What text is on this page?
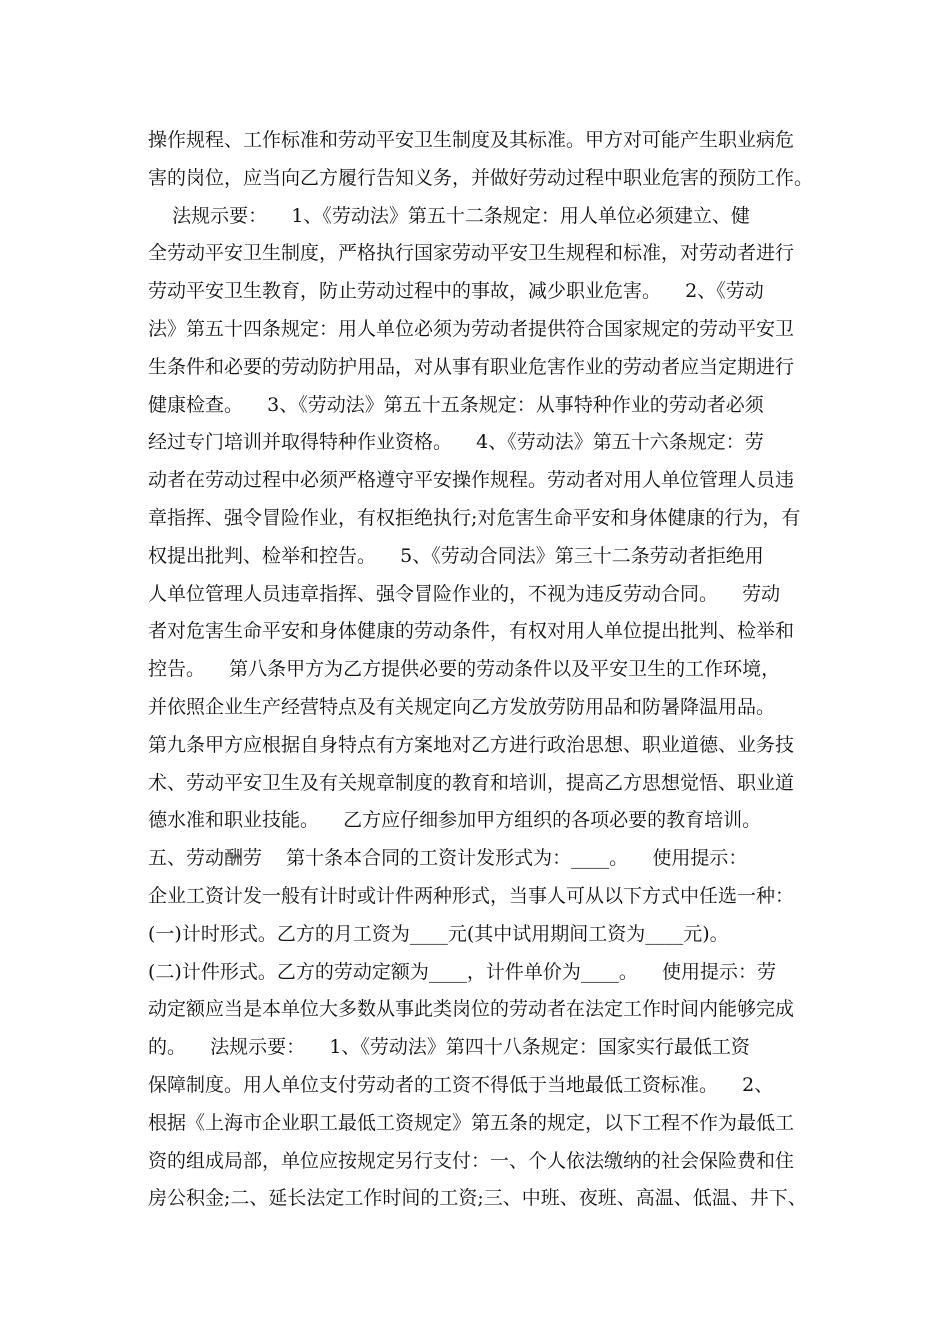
操作规程、工作标准和劳动平安卫生制度及其标准。甲方对可能产生职业病危
害的岗位，应当向乙方履行告知义务，并做好劳动过程中职业危害的预防工作。
法规示要：    1、《劳动法》第五十二条规定：用人单位必须建立、健
全劳动平安卫生制度，严格执行国家劳动平安卫生规程和标准，对劳动者进行
劳动平安卫生教育，防止劳动过程中的事故，减少职业危害。    2、《劳动
法》第五十四条规定：用人单位必须为劳动者提供符合国家规定的劳动平安卫
生条件和必要的劳动防护用品，对从事有职业危害作业的劳动者应当定期进行
健康检查。    3、《劳动法》第五十五条规定：从事特种作业的劳动者必须
经过专门培训并取得特种作业资格。    4、《劳动法》第五十六条规定：劳
动者在劳动过程中必须严格遵守平安操作规程。劳动者对用人单位管理人员违
章指挥、强令冒险作业，有权拒绝执行;对危害生命平安和身体健康的行为，有
权提出批判、检举和控告。    5、《劳动合同法》第三十二条劳动者拒绝用
人单位管理人员违章指挥、强令冒险作业的，不视为违反劳动合同。    劳动
者对危害生命平安和身体健康的劳动条件，有权对用人单位提出批判、检举和
控告。    第八条甲方为乙方提供必要的劳动条件以及平安卫生的工作环境，
并依照企业生产经营特点及有关规定向乙方发放劳防用品和防暑降温用品。
第九条甲方应根据自身特点有方案地对乙方进行政治思想、职业道德、业务技
术、劳动平安卫生及有关规章制度的教育和培训，提高乙方思想觉悟、职业道
德水准和职业技能。    乙方应仔细参加甲方组织的各项必要的教育培训。
五、劳动酬劳    第十条本合同的工资计发形式为：____。    使用提示：
企业工资计发一般有计时或计件两种形式，当事人可从以下方式中任选一种：
(一)计时形式。乙方的月工资为____元(其中试用期间工资为____元)。
(二)计件形式。乙方的劳动定额为____，计件单价为____。    使用提示：劳
动定额应当是本单位大多数从事此类岗位的劳动者在法定工作时间内能够完成
的。    法规示要：    1、《劳动法》第四十八条规定：国家实行最低工资
保障制度。用人单位支付劳动者的工资不得低于当地最低工资标准。    2、
根据《上海市企业职工最低工资规定》第五条的规定，以下工程不作为最低工
资的组成局部，单位应按规定另行支付：一、个人依法缴纳的社会保险费和住
房公积金;二、延长法定工作时间的工资;三、中班、夜班、高温、低温、井下、
